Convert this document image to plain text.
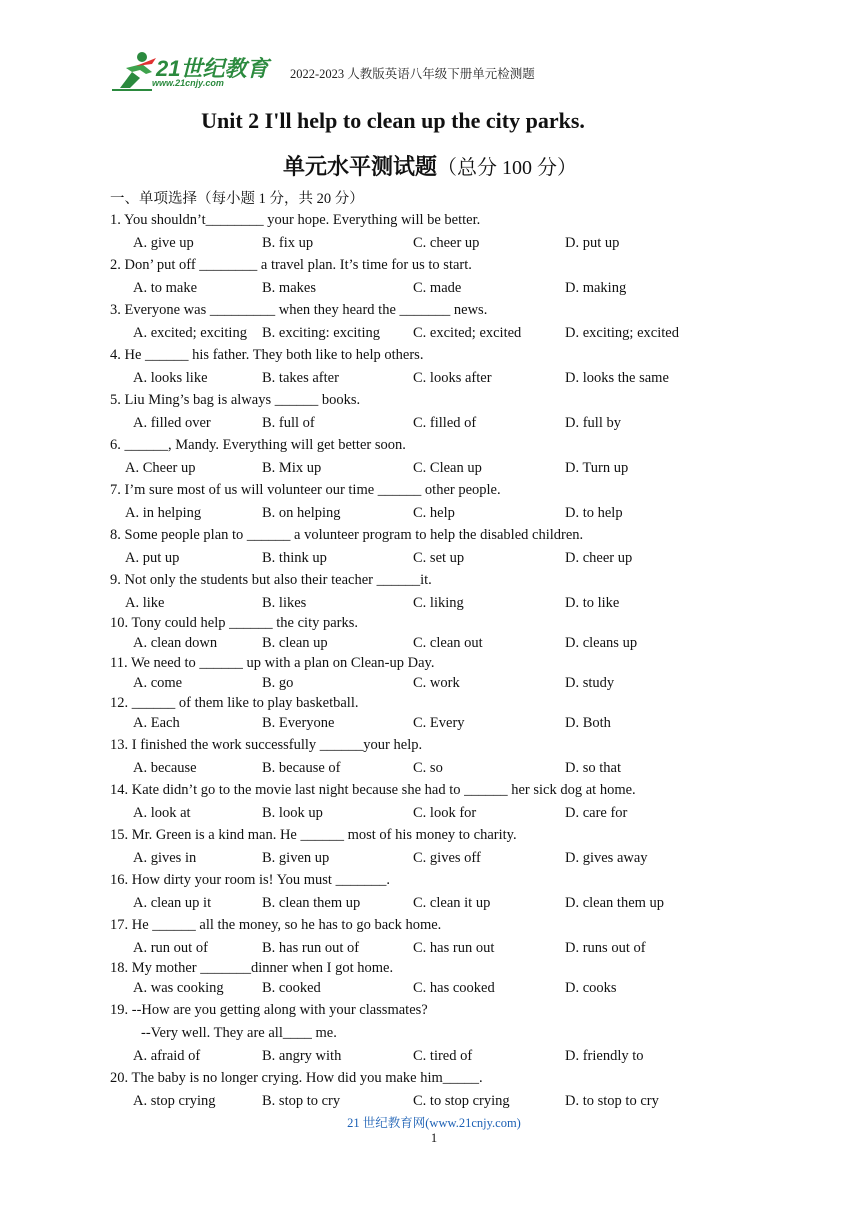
21世纪教育
www.21cnjy.com
2022-2023 人教版英语八年级下册单元检测题
Unit 2 I'll help to clean up the city parks.
单元水平测试题（总分 100 分）
一、单项选择（每小题 1 分，共 20 分）
1. You shouldn’t________ your hope. Everything will be better.
A. give up	B. fix up	C. cheer up	D. put up
2. Don’ put off ________ a travel plan. It’s time for us to start.
A. to make	B. makes	C. made	D. making
3. Everyone was _________ when they heard the _______ news.
A. excited; exciting B. exciting: exciting C. excited; excited	D. exciting; excited
4. He ______ his father. They both like to help others.
A. looks like	B. takes after	C. looks after	D. looks the same
5. Liu Ming’s bag is always ______ books.
A. filled over	B. full of	C. filled of	D. full by
6. ______, Mandy. Everything will get better soon.
A. Cheer up	B. Mix up	C. Clean up	D. Turn up
7. I’m sure most of us will volunteer our time ______ other people.
A. in helping	B. on helping	C. help	D. to help
8. Some people plan to ______ a volunteer program to help the disabled children.
A. put up	B. think up	C. set up	D. cheer up
9. Not only the students but also their teacher ______it.
A. like	B. likes	C. liking	D. to like
10. Tony could help ______ the city parks.
A. clean down	B. clean up	C. clean out	D. cleans up
11. We need to ______ up with a plan on Clean-up Day.
A. come	B. go	C. work	D. study
12. ______ of them like to play basketball.
A. Each	B. Everyone	C. Every	D. Both
13. I finished the work successfully ______your help.
A. because	B. because of	C. so	D. so that
14. Kate didn’t go to the movie last night because she had to ______ her sick dog at home.
A. look at	B. look up	C. look for	D. care for
15. Mr. Green is a kind man. He ______ most of his money to charity.
A. gives in	B. given up	C. gives off	D. gives away
16. How dirty your room is! You must _______.
A. clean up it	B. clean them up	C. clean it up	D. clean them up
17. He ______ all the money, so he has to go back home.
A. run out of	B. has run out of	C. has run out	D. runs out of
18. My mother _______dinner when I got home.
A. was cooking	B. cooked	C. has cooked	D. cooks
19. --How are you getting along with your classmates?
--Very well. They are all____ me.
A. afraid of	B. angry with	C. tired of	D. friendly to
20. The baby is no longer crying. How did you make him_____.
A. stop crying	B. stop to cry	C. to stop crying	D. to stop to cry
21 世纪教育网(www.21cnjy.com)
1
